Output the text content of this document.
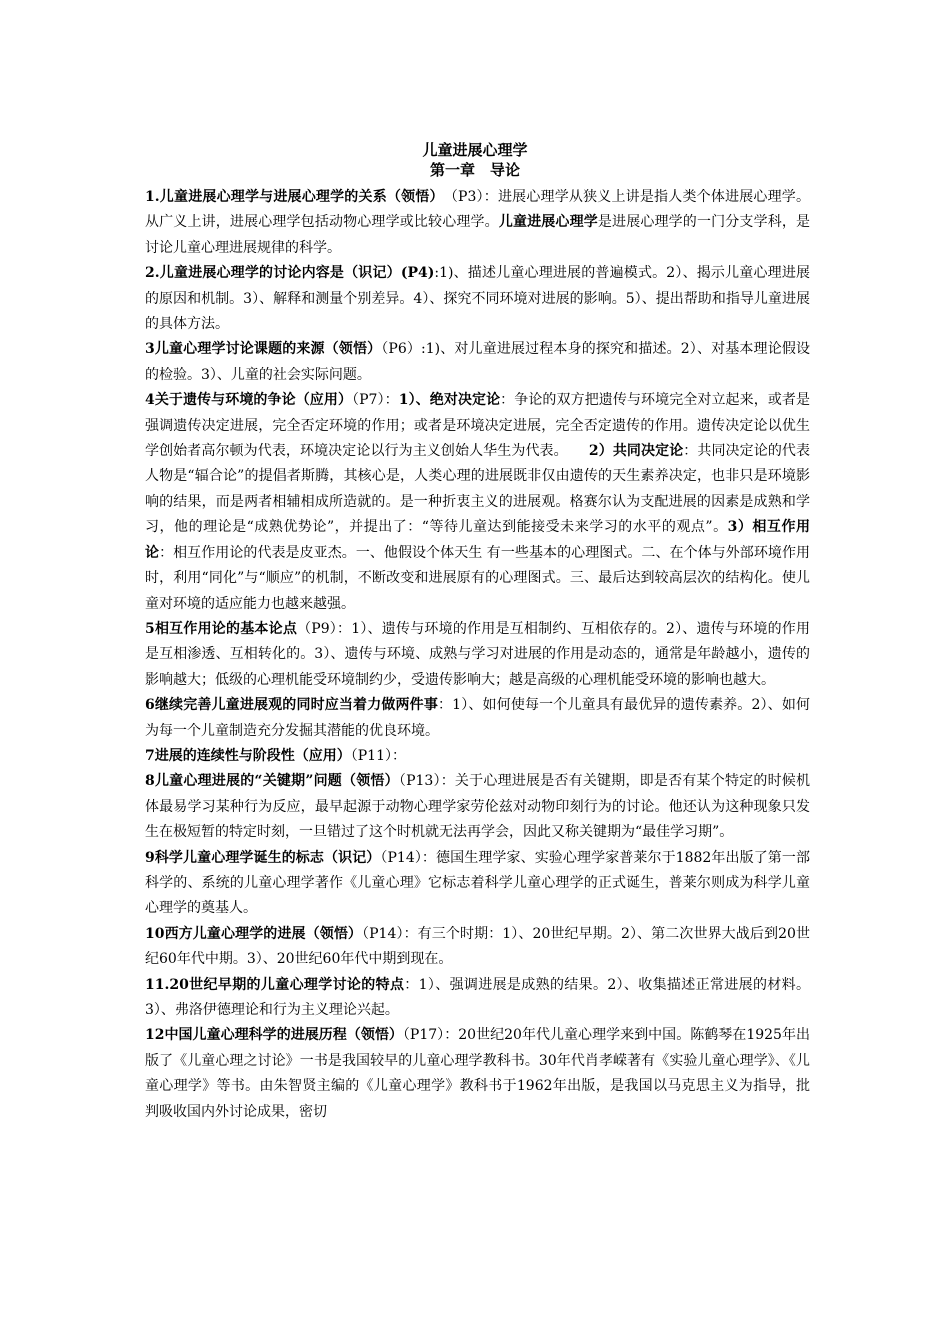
儿童进展心理学

第一章　导论

1.儿童进展心理学与进展心理学的关系（领悟）　（P3）：进展心理学从狭义上讲是指人类个体进展心理学。从广义上讲，进展心理学包括动物心理学或比较心理学。儿童进展心理学是进展心理学的一门分支学科，是讨论儿童心理进展规律的科学。

2.儿童进展心理学的讨论内容是（识记）(P4):1)、描述儿童心理进展的普遍模式。2）、揭示儿童心理进展的原因和机制。3）、解释和测量个别差异。4）、探究不同环境对进展的影响。5）、提出帮助和指导儿童进展的具体方法。

3儿童心理学讨论课题的来源（领悟）（P6）:1)、对儿童进展过程本身的探究和描述。2）、对基本理论假设的检验。3）、儿童的社会实际问题。

4关于遗传与环境的争论（应用）（P7）：1）、绝对决定论：争论的双方把遗传与环境完全对立起来，或者是强调遗传决定进展，完全否定环境的作用；或者是环境决定进展，完全否定遗传的作用。遗传决定论以优生学创始者高尔顿为代表，环境决定论以行为主义创始人华生为代表。　　2）共同决定论：共同决定论的代表人物是“辐合论”的提倡者斯腾，其核心是，人类心理的进展既非仅由遗传的天生素养决定，也非只是环境影响的结果，而是两者相辅相成所造就的。是一种折衷主义的进展观。格赛尔认为支配进展的因素是成熟和学习，他的理论是“成熟优势论”，并提出了：“等待儿童达到能接受未来学习的水平的观点”。3）相互作用论：相互作用论的代表是皮亚杰。一、他假设个体天生 有一些基本的心理图式。二、在个体与外部环境作用时，利用“同化”与“顺应”的机制，不断改变和进展原有的心理图式。三、最后达到较高层次的结构化。使儿童对环境的适应能力也越来越强。

5相互作用论的基本论点（P9）：1）、遗传与环境的作用是互相制约、互相依存的。2）、遗传与环境的作用是互相渗透、互相转化的。3）、遗传与环境、成熟与学习对进展的作用是动态的，通常是年龄越小，遗传的影响越大；低级的心理机能受环境制约少，受遗传影响大；越是高级的心理机能受环境的影响也越大。

6继续完善儿童进展观的同时应当着力做两件事：1）、如何使每一个儿童具有最优异的遗传素养。2）、如何为每一个儿童制造充分发掘其潜能的优良环境。

7进展的连续性与阶段性（应用）（P11）：

8儿童心理进展的“关键期”问题（领悟）（P13）：关于心理进展是否有关键期，即是否有某个特定的时候机体最易学习某种行为反应，最早起源于动物心理学家劳伦兹对动物印刻行为的讨论。他还认为这种现象只发生在极短暂的特定时刻，一旦错过了这个时机就无法再学会，因此又称关键期为“最佳学习期”。

9科学儿童心理学诞生的标志（识记）（P14）：德国生理学家、实验心理学家普莱尔于1882年出版了第一部科学的、系统的儿童心理学著作《儿童心理》它标志着科学儿童心理学的正式诞生，普莱尔则成为科学儿童心理学的奠基人。

10西方儿童心理学的进展（领悟）（P14）：有三个时期：1）、20世纪早期。2）、第二次世界大战后到20世纪60年代中期。3）、20世纪60年代中期到现在。

11.20世纪早期的儿童心理学讨论的特点：1）、强调进展是成熟的结果。2）、收集描述正常进展的材料。3）、弗洛伊德理论和行为主义理论兴起。

12中国儿童心理科学的进展历程（领悟）（P17）：20世纪20年代儿童心理学来到中国。陈鹤琴在1925年出版了《儿童心理之讨论》一书是我国较早的儿童心理学教科书。30年代肖孝嵘著有《实验儿童心理学》、《儿童心理学》等书。由朱智贤主编的《儿童心理学》教科书于1962年出版，是我国以马克思主义为指导，批判吸收国内外讨论成果，密切
